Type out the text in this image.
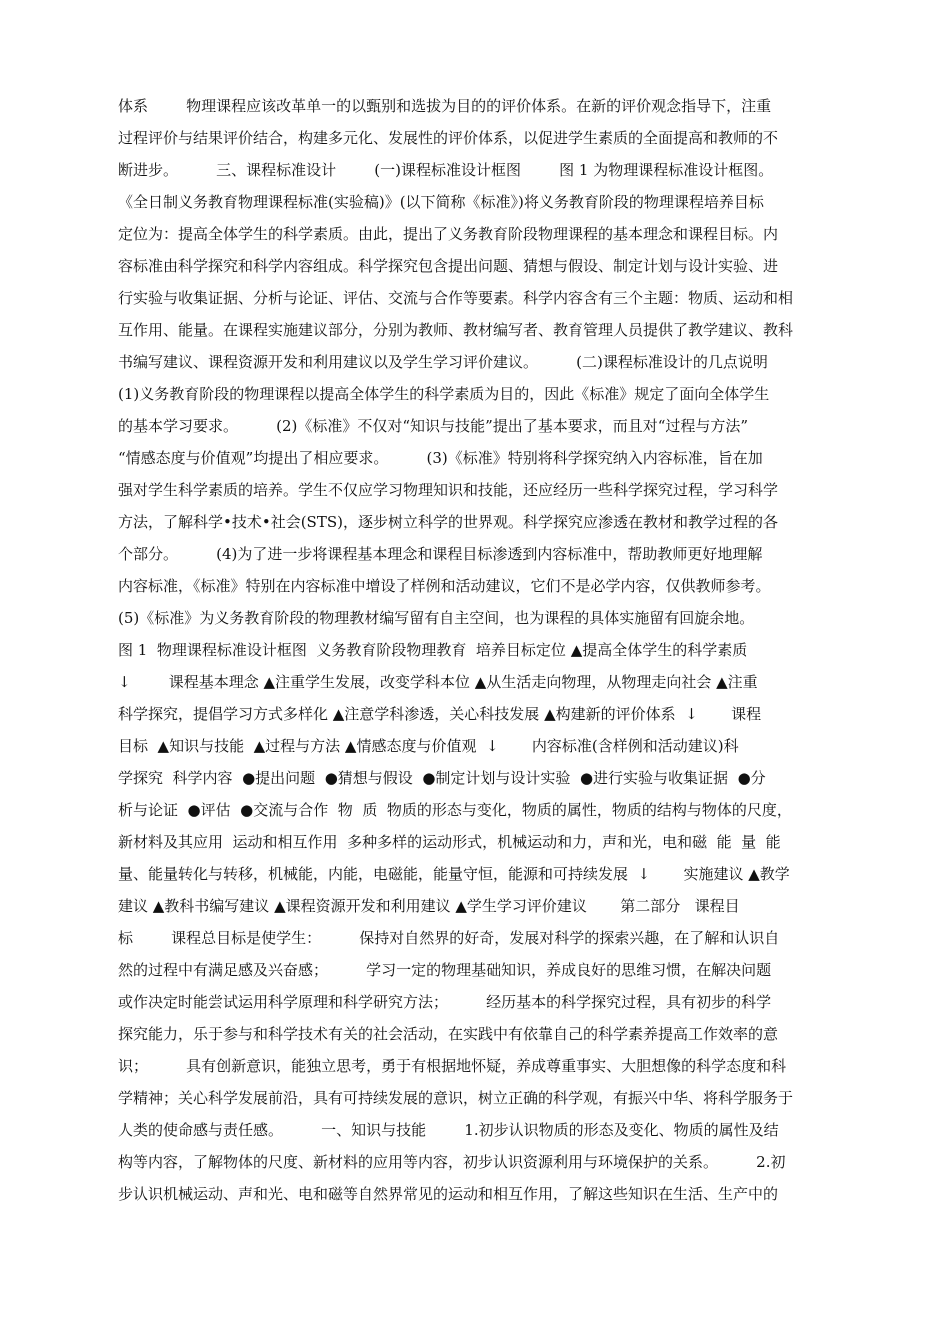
体系        物理课程应该改革单一的以甄别和选拔为目的的评价体系。在新的评价观念指导下，注重
过程评价与结果评价结合，构建多元化、发展性的评价体系，以促进学生素质的全面提高和教师的不
断进步。        三、课程标准设计        (一)课程标准设计框图        图 1 为物理课程标准设计框图。
《全日制义务教育物理课程标准(实验稿)》(以下简称《标准》)将义务教育阶段的物理课程培养目标
定位为：提高全体学生的科学素质。由此，提出了义务教育阶段物理课程的基本理念和课程目标。内
容标准由科学探究和科学内容组成。科学探究包含提出问题、猜想与假设、制定计划与设计实验、进
行实验与收集证据、分析与论证、评估、交流与合作等要素。科学内容含有三个主题：物质、运动和相
互作用、能量。在课程实施建议部分，分别为教师、教材编写者、教育管理人员提供了教学建议、教科
书编写建议、课程资源开发和利用建议以及学生学习评价建议。        (二)课程标准设计的几点说明
(1)义务教育阶段的物理课程以提高全体学生的科学素质为目的，因此《标准》规定了面向全体学生
的基本学习要求。        (2)《标准》不仅对“知识与技能”提出了基本要求，而且对“过程与方法”
“情感态度与价值观”均提出了相应要求。        (3)《标准》特别将科学探究纳入内容标准，旨在加
强对学生科学素质的培养。学生不仅应学习物理知识和技能，还应经历一些科学探究过程，学习科学
方法，了解科学•技术•社会(STS)，逐步树立科学的世界观。科学探究应渗透在教材和教学过程的各
个部分。        (4)为了进一步将课程基本理念和课程目标渗透到内容标准中，帮助教师更好地理解
内容标准，《标准》特别在内容标准中增设了样例和活动建议，它们不是必学内容，仅供教师参考。
(5)《标准》为义务教育阶段的物理教材编写留有自主空间，也为课程的具体实施留有回旋余地。
图 1  物理课程标准设计框图  义务教育阶段物理教育  培养目标定位 ▲提高全体学生的科学素质
↓        课程基本理念 ▲注重学生发展，改变学科本位 ▲从生活走向物理，从物理走向社会 ▲注重
科学探究，提倡学习方式多样化 ▲注意学科渗透，关心科技发展 ▲构建新的评价体系  ↓       课程
目标  ▲知识与技能  ▲过程与方法 ▲情感态度与价值观  ↓       内容标准(含样例和活动建议)科
学探究  科学内容  ●提出问题  ●猜想与假设  ●制定计划与设计实验  ●进行实验与收集证据  ●分
析与论证  ●评估  ●交流与合作  物  质  物质的形态与变化，物质的属性，物质的结构与物体的尺度，
新材料及其应用  运动和相互作用  多种多样的运动形式，机械运动和力，声和光，电和磁  能  量  能
量、能量转化与转移，机械能，内能，电磁能，能量守恒，能源和可持续发展  ↓       实施建议 ▲教学
建议 ▲教科书编写建议 ▲课程资源开发和利用建议 ▲学生学习评价建议       第二部分   课程目
标        课程总目标是使学生：        保持对自然界的好奇，发展对科学的探索兴趣，在了解和认识自
然的过程中有满足感及兴奋感；        学习一定的物理基础知识，养成良好的思维习惯，在解决问题
或作决定时能尝试运用科学原理和科学研究方法；        经历基本的科学探究过程，具有初步的科学
探究能力，乐于参与和科学技术有关的社会活动，在实践中有依靠自己的科学素养提高工作效率的意
识；        具有创新意识，能独立思考，勇于有根据地怀疑，养成尊重事实、大胆想像的科学态度和科
学精神；关心科学发展前沿，具有可持续发展的意识，树立正确的科学观，有振兴中华、将科学服务于
人类的使命感与责任感。        一、知识与技能        1.初步认识物质的形态及变化、物质的属性及结
构等内容，了解物体的尺度、新材料的应用等内容，初步认识资源利用与环境保护的关系。        2.初
步认识机械运动、声和光、电和磁等自然界常见的运动和相互作用，了解这些知识在生活、生产中的
